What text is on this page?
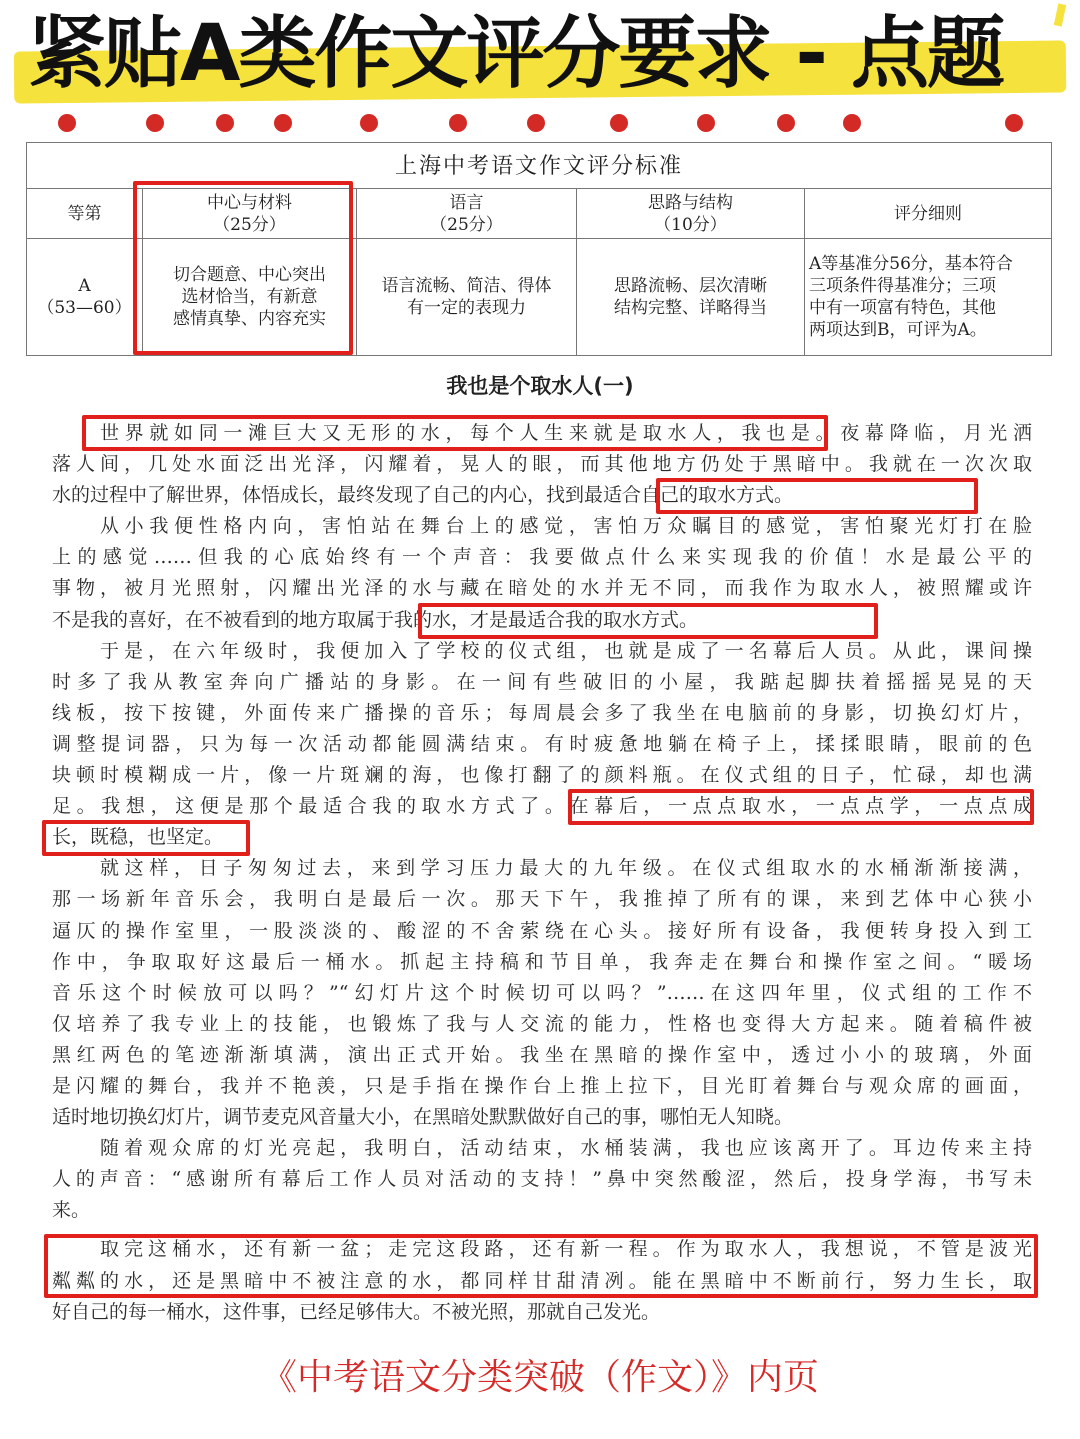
紧贴A类作文评分要求 - 点题
上海中考语文作文评分标准
等第
中心与材料
（25分）
语言
（25分）
思路与结构
（10分）
评分细则
A
（53—60）
切合题意、中心突出
选材恰当，有新意
感情真挚、内容充实
语言流畅、简洁、得体
有一定的表现力
思路流畅、层次清晰
结构完整、详略得当
A等基准分56分，基本符合
三项条件得基准分；三项
中有一项富有特色，其他
两项达到B，可评为A。
我也是个取水人(一)
世界就如同一滩巨大又无形的水，每个人生来就是取水人，我也是。夜幕降临，月光洒
落人间，几处水面泛出光泽，闪耀着，晃人的眼，而其他地方仍处于黑暗中。我就在一次次取
水的过程中了解世界，体悟成长，最终发现了自己的内心，找到最适合自己的取水方式。
从小我便性格内向，害怕站在舞台上的感觉，害怕万众瞩目的感觉，害怕聚光灯打在脸
上的感觉……但我的心底始终有一个声音：我要做点什么来实现我的价值！水是最公平的
事物，被月光照射，闪耀出光泽的水与藏在暗处的水并无不同，而我作为取水人，被照耀或许
不是我的喜好，在不被看到的地方取属于我的水，才是最适合我的取水方式。
于是，在六年级时，我便加入了学校的仪式组，也就是成了一名幕后人员。从此，课间操
时多了我从教室奔向广播站的身影。在一间有些破旧的小屋，我踮起脚扶着摇摇晃晃的天
线板，按下按键，外面传来广播操的音乐；每周晨会多了我坐在电脑前的身影，切换幻灯片，
调整提词器，只为每一次活动都能圆满结束。有时疲惫地躺在椅子上，揉揉眼睛，眼前的色
块顿时模糊成一片，像一片斑斓的海，也像打翻了的颜料瓶。在仪式组的日子，忙碌，却也满
足。我想，这便是那个最适合我的取水方式了。在幕后，一点点取水，一点点学，一点点成
长，既稳，也坚定。
就这样，日子匆匆过去，来到学习压力最大的九年级。在仪式组取水的水桶渐渐接满，
那一场新年音乐会，我明白是最后一次。那天下午，我推掉了所有的课，来到艺体中心狭小
逼仄的操作室里，一股淡淡的、酸涩的不舍萦绕在心头。接好所有设备，我便转身投入到工
作中，争取取好这最后一桶水。抓起主持稿和节目单，我奔走在舞台和操作室之间。“暖场
音乐这个时候放可以吗？”“幻灯片这个时候切可以吗？”……在这四年里，仪式组的工作不
仅培养了我专业上的技能，也锻炼了我与人交流的能力，性格也变得大方起来。随着稿件被
黑红两色的笔迹渐渐填满，演出正式开始。我坐在黑暗的操作室中，透过小小的玻璃，外面
是闪耀的舞台，我并不艳羡，只是手指在操作台上推上拉下，目光盯着舞台与观众席的画面，
适时地切换幻灯片，调节麦克风音量大小，在黑暗处默默做好自己的事，哪怕无人知晓。
随着观众席的灯光亮起，我明白，活动结束，水桶装满，我也应该离开了。耳边传来主持
人的声音：“感谢所有幕后工作人员对活动的支持！”鼻中突然酸涩，然后，投身学海，书写未
来。
取完这桶水，还有新一盆；走完这段路，还有新一程。作为取水人，我想说，不管是波光
粼粼的水，还是黑暗中不被注意的水，都同样甘甜清冽。能在黑暗中不断前行，努力生长，取
好自己的每一桶水，这件事，已经足够伟大。不被光照，那就自己发光。
《中考语文分类突破（作文）》内页
